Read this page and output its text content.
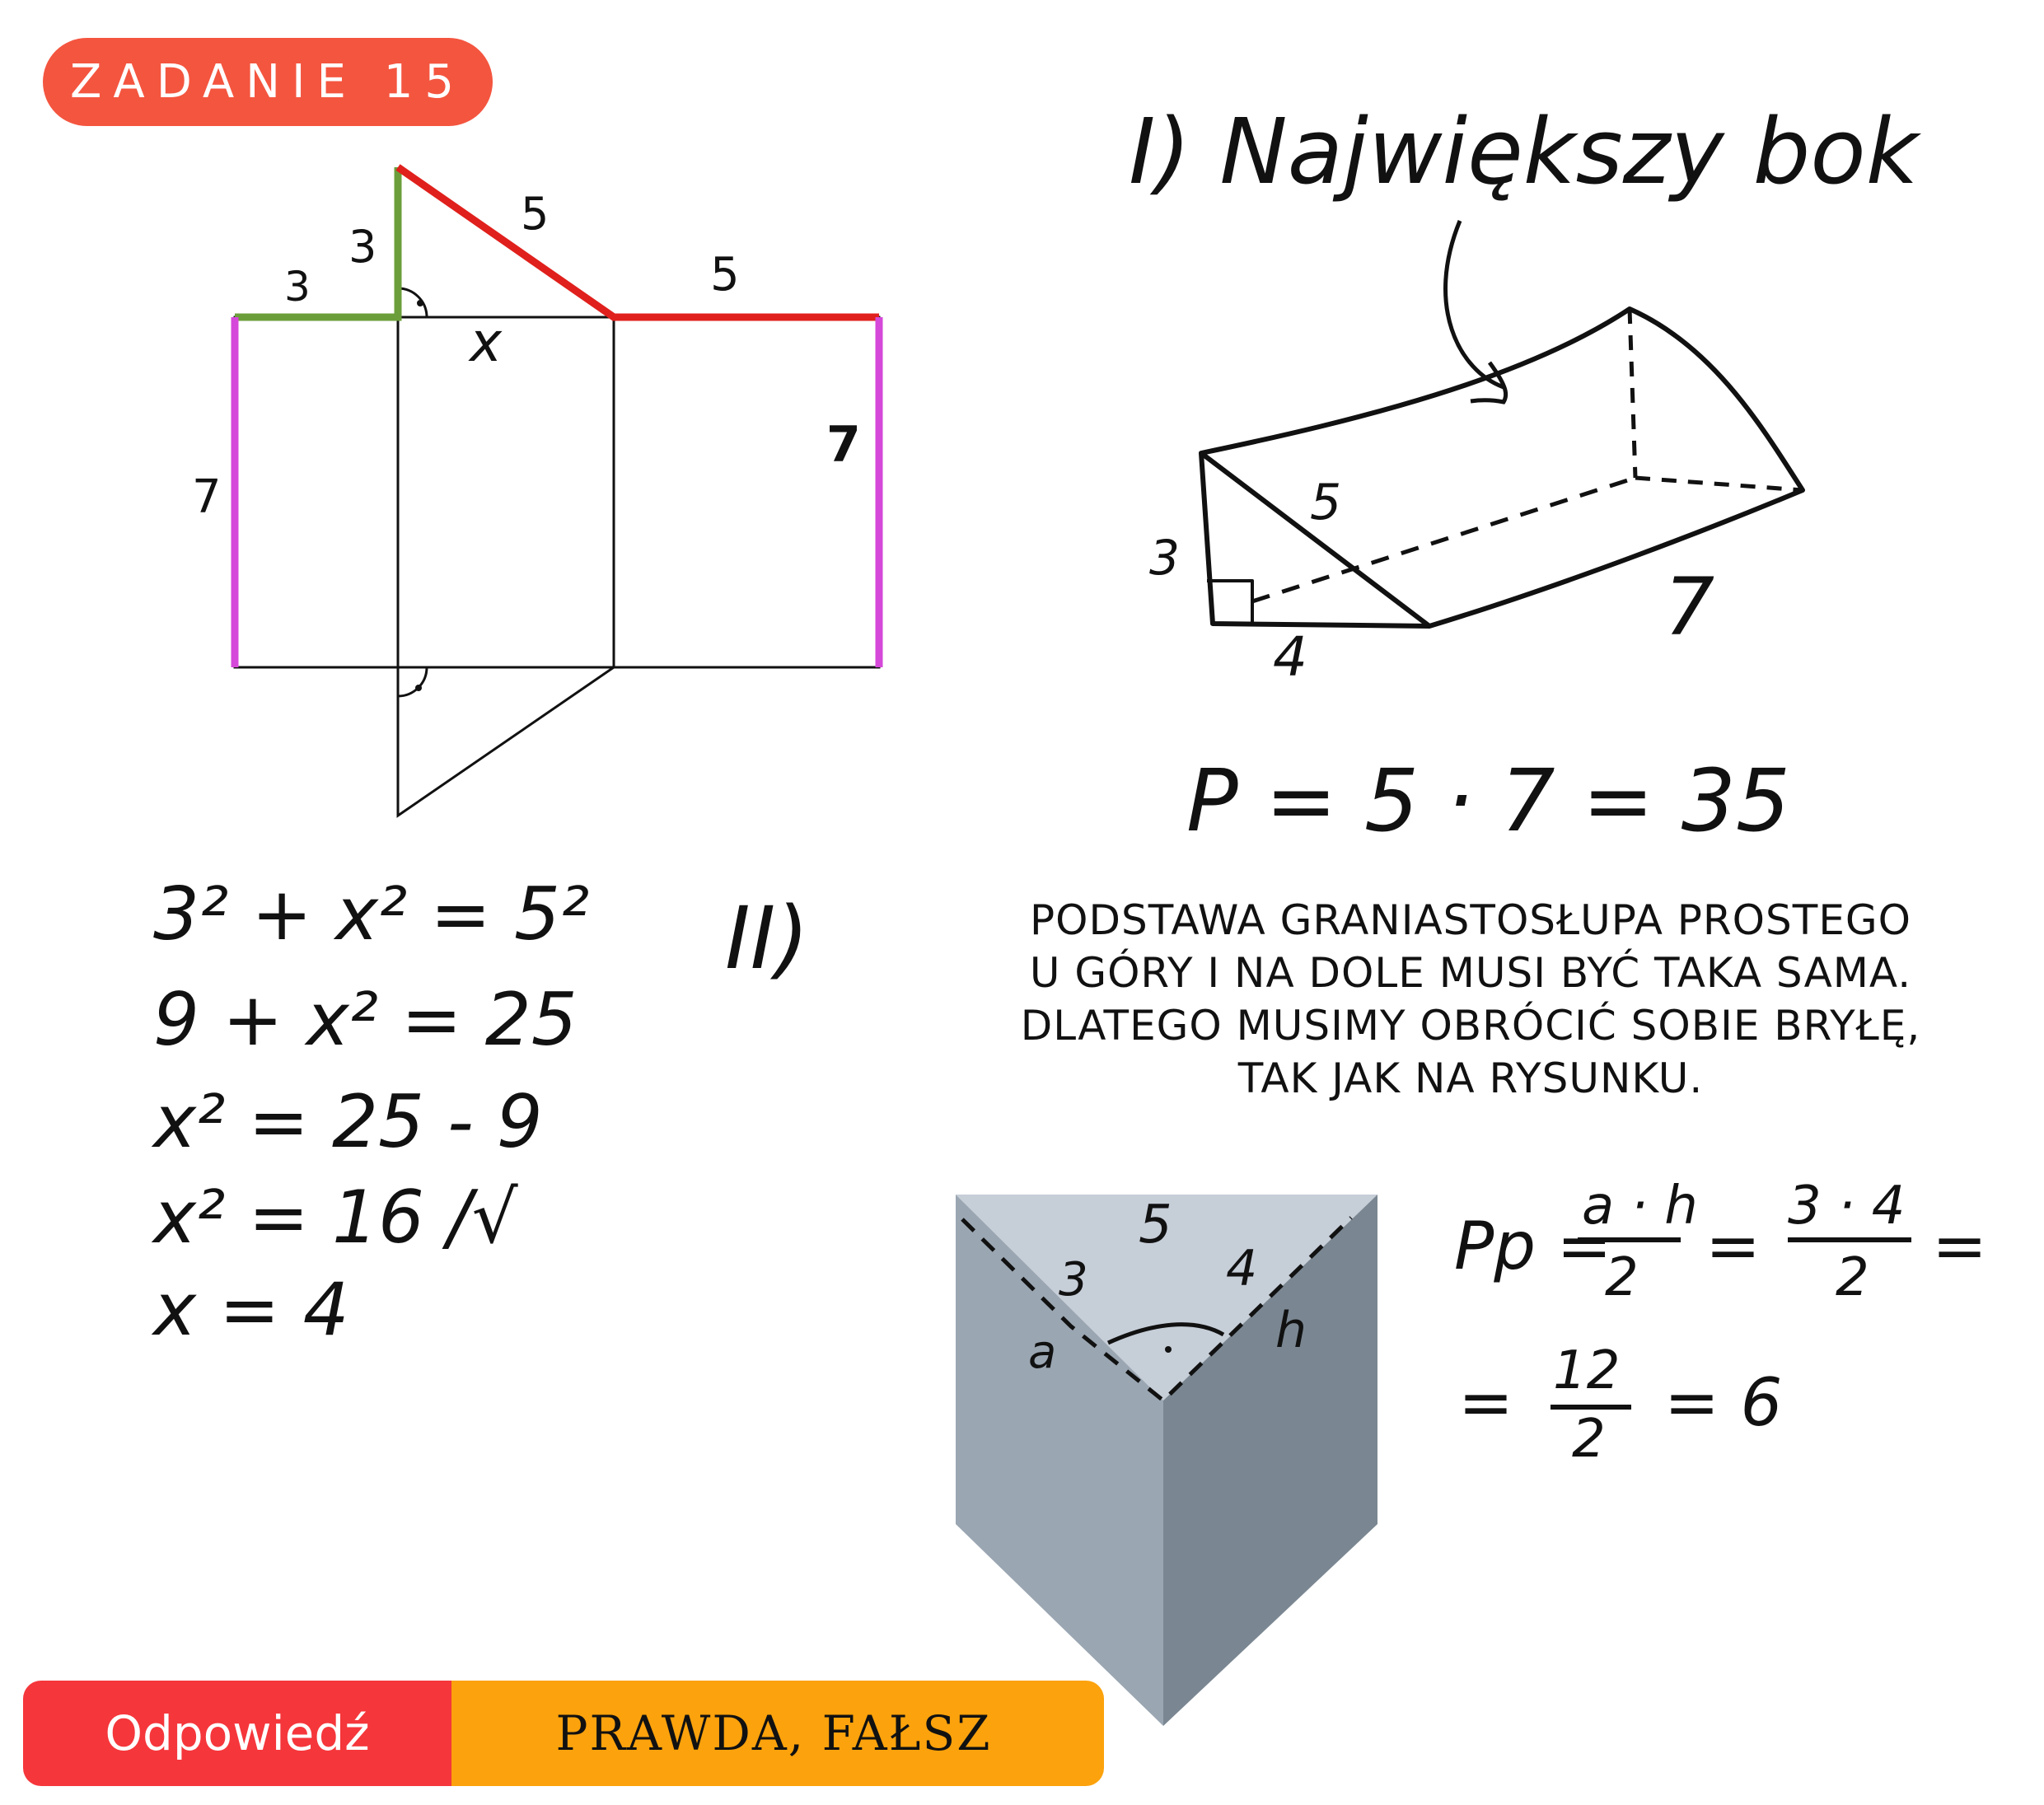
ZADANIE 15
3
3
5
5
7
7
x
3² + x² = 5²
9 + x² = 25
x² = 25 - 9
x² = 16 /√
x = 4
I) Największy bok
3
4
5
7
P = 5 · 7 = 35
II)
5
3	4
a	h
Pp =
a · h
2 =
3 · 4
2 =
= 12
2 = 6
PODSTAWA GRANIASTOSŁUPA PROSTEGO
U GÓRY I NA DOLE MUSI BYĆ TAKA SAMA.
DLATEGO MUSIMY OBRÓCIĆ SOBIE BRYŁĘ,
TAK JAK NA RYSUNKU.
PRAWDA, FAŁSZ
Odpowiedź
